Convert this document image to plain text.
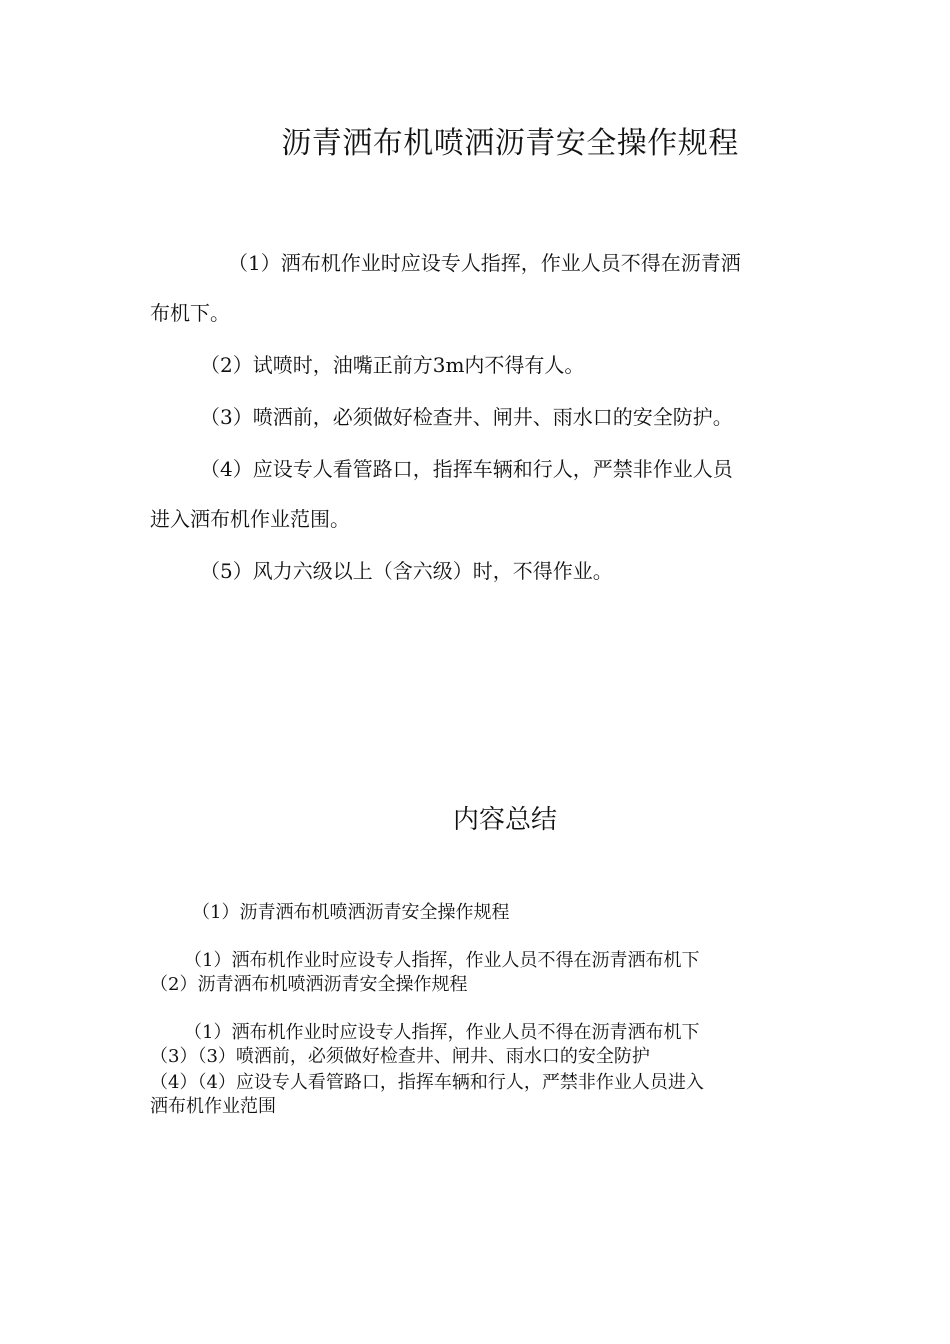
沥青洒布机喷洒沥青安全操作规程
（1）洒布机作业时应设专人指挥，作业人员不得在沥青洒
布机下。
（2）试喷时，油嘴正前方3m内不得有人。
（3）喷洒前，必须做好检查井、闸井、雨水口的安全防护。
（4）应设专人看管路口，指挥车辆和行人，严禁非作业人员
进入洒布机作业范围。
（5）风力六级以上（含六级）时，不得作业。
内容总结
（1）沥青洒布机喷洒沥青安全操作规程
（1）洒布机作业时应设专人指挥，作业人员不得在沥青洒布机下
（2）沥青洒布机喷洒沥青安全操作规程
（1）洒布机作业时应设专人指挥，作业人员不得在沥青洒布机下
（3）（3）喷洒前，必须做好检查井、闸井、雨水口的安全防护
（4）（4）应设专人看管路口，指挥车辆和行人，严禁非作业人员进入
洒布机作业范围
